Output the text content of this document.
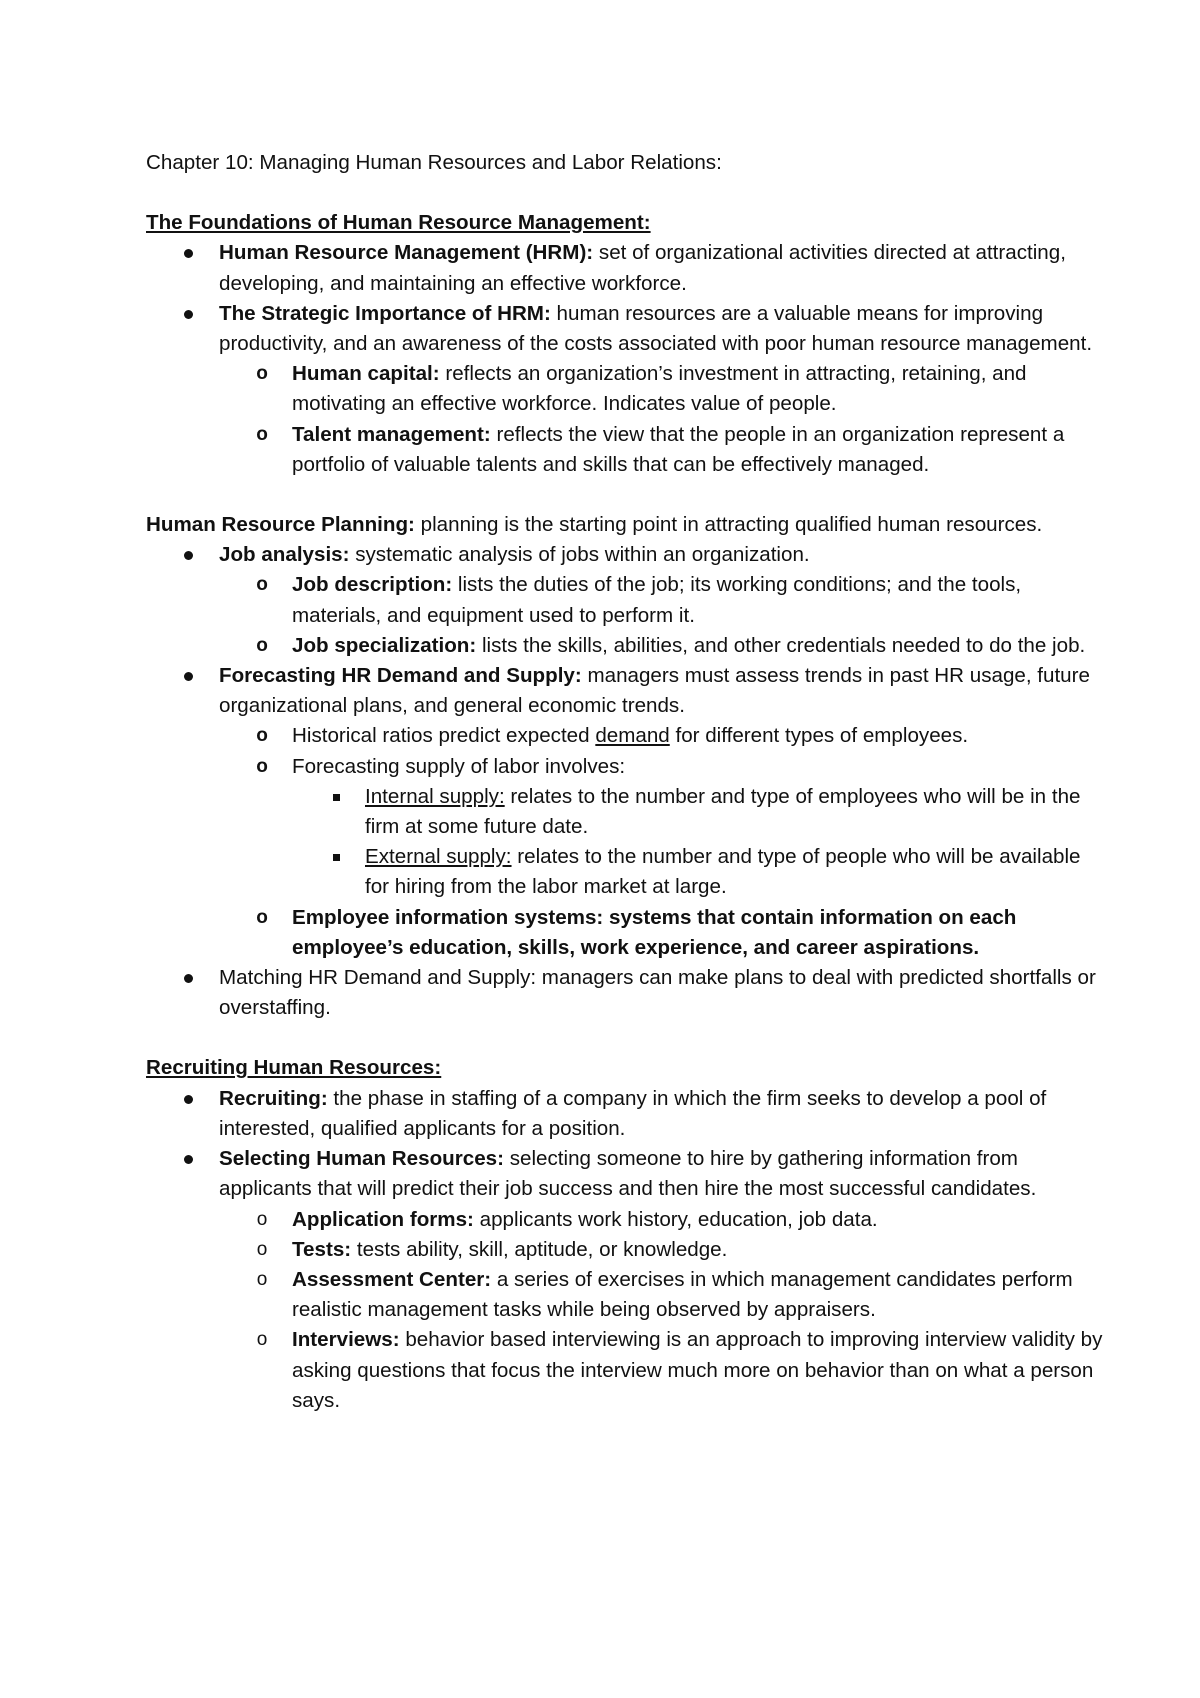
Chapter 10: Managing Human Resources and Labor Relations:

The Foundations of Human Resource Management:

Human Resource Management (HRM): set of organizational activities directed at attracting, developing, and maintaining an effective workforce.
The Strategic Importance of HRM: human resources are a valuable means for improving productivity, and an awareness of the costs associated with poor human resource management.
o Human capital: reflects an organization’s investment in attracting, retaining, and motivating an effective workforce. Indicates value of people.
o Talent management: reflects the view that the people in an organization represent a portfolio of valuable talents and skills that can be effectively managed.

Human Resource Planning: planning is the starting point in attracting qualified human resources.

Job analysis: systematic analysis of jobs within an organization.
o Job description: lists the duties of the job; its working conditions; and the tools, materials, and equipment used to perform it.
o Job specialization: lists the skills, abilities, and other credentials needed to do the job.
Forecasting HR Demand and Supply: managers must assess trends in past HR usage, future organizational plans, and general economic trends.
o Historical ratios predict expected demand for different types of employees.
o Forecasting supply of labor involves:
Internal supply: relates to the number and type of employees who will be in the firm at some future date.
External supply: relates to the number and type of people who will be available for hiring from the labor market at large.
o Employee information systems: systems that contain information on each employee’s education, skills, work experience, and career aspirations.
Matching HR Demand and Supply: managers can make plans to deal with predicted shortfalls or overstaffing.

Recruiting Human Resources:

Recruiting: the phase in staffing of a company in which the firm seeks to develop a pool of interested, qualified applicants for a position.
Selecting Human Resources: selecting someone to hire by gathering information from applicants that will predict their job success and then hire the most successful candidates.
o Application forms: applicants work history, education, job data.
o Tests: tests ability, skill, aptitude, or knowledge.
o Assessment Center: a series of exercises in which management candidates perform realistic management tasks while being observed by appraisers.
o Interviews: behavior based interviewing is an approach to improving interview validity by asking questions that focus the interview much more on behavior than on what a person says.
